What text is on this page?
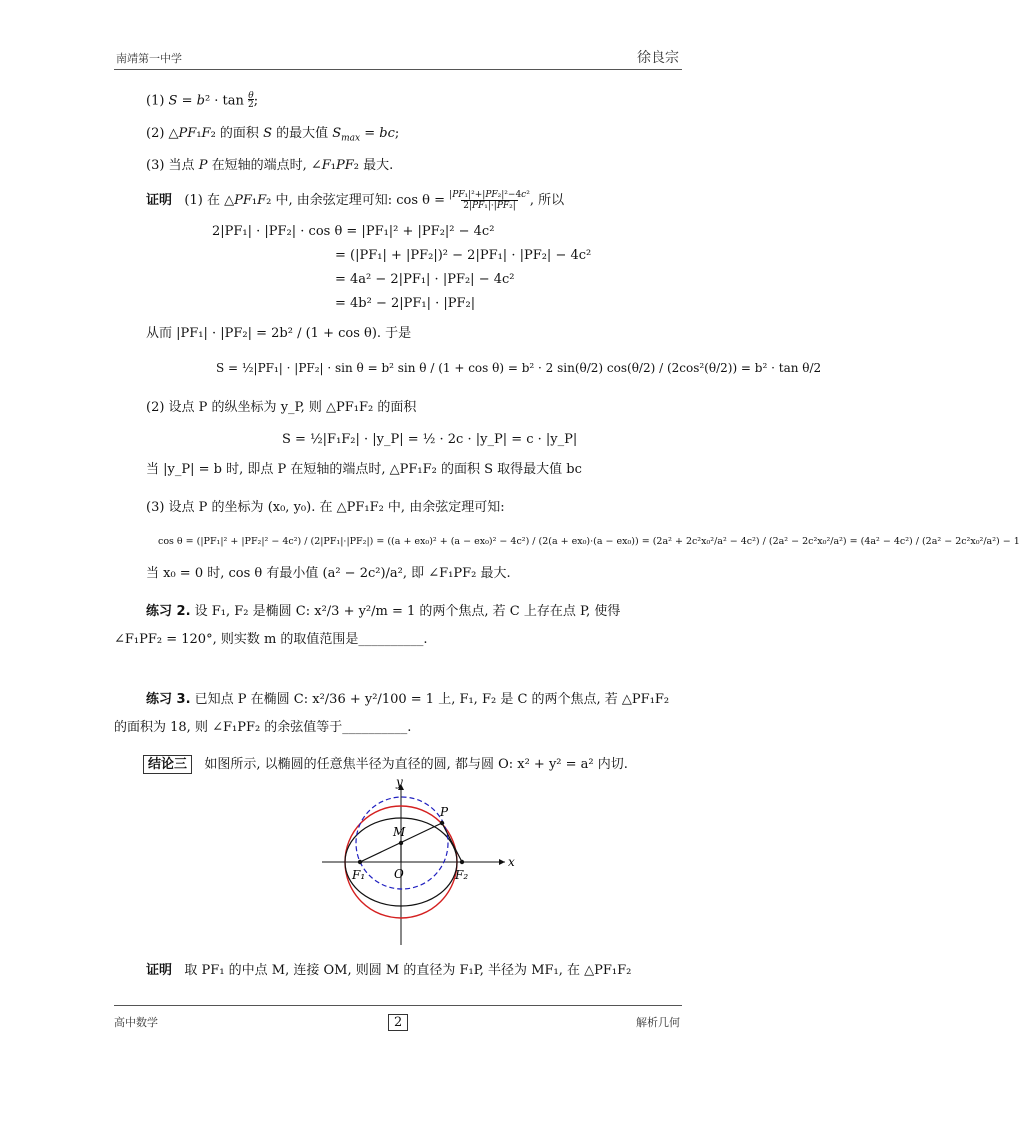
南靖第一中学	徐良宗
(1) $S = b^2 \cdot \tan \frac{\theta}{2}$;
(2) △PF₁F₂ 的面积 S 的最大值 $S_{max}$ = bc;
(3) 当点 P 在短轴的端点时, ∠F₁PF₂ 最大.
证明   (1) 在 △PF₁F₂ 中, 由余弦定理可知: cos θ = |PF₁|²+|PF₂|²−4c²
2|PF₁|·|PF₂| , 所以
2|PF₁| · |PF₂| · cos θ = |PF₁|² + |PF₂|² − 4c²
= (|PF₁| + |PF₂|)² − 2|PF₁| · |PF₂| − 4c²
= 4a² − 2|PF₁| · |PF₂| − 4c²
= 4b² − 2|PF₁| · |PF₂|
从而 |PF₁| · |PF₂| = 2b² / (1 + cos θ). 于是
S = ½|PF₁| · |PF₂| · sin θ = b² sin θ / (1 + cos θ) = b² · 2 sin(θ/2) cos(θ/2) / (2cos²(θ/2)) = b² · tan θ/2
(2) 设点 P 的纵坐标为 y_P, 则 △PF₁F₂ 的面积
S = ½|F₁F₂| · |y_P| = ½ · 2c · |y_P| = c · |y_P|
当 |y_P| = b 时, 即点 P 在短轴的端点时, △PF₁F₂ 的面积 S 取得最大值 bc
(3) 设点 P 的坐标为 (x₀, y₀). 在 △PF₁F₂ 中, 由余弦定理可知:
cos θ = (|PF₁|² + |PF₂|² − 4c²) / (2|PF₁|·|PF₂|) = ((a + ex₀)² + (a − ex₀)² − 4c²) / (2(a + ex₀)·(a − ex₀)) = (2a² + 2c²x₀²/a² − 4c²) / (2a² − 2c²x₀²/a²) = (4a² − 4c²) / (2a² − 2c²x₀²/a²) − 1
当 x₀ = 0 时, cos θ 有最小值 (a² − 2c²)/a², 即 ∠F₁PF₂ 最大.
练习 2. 设 F₁, F₂ 是椭圆 C: x²/3 + y²/m = 1 的两个焦点, 若 C 上存在点 P, 使得
∠F₁PF₂ = 120°, 则实数 m 的取值范围是__________.
练习 3. 已知点 P 在椭圆 C: x²/36 + y²/100 = 1 上, F₁, F₂ 是 C 的两个焦点, 若 △PF₁F₂
的面积为 18, 则 ∠F₁PF₂ 的余弦值等于__________.
结论三 如图所示, 以椭圆的任意焦半径为直径的圆, 都与圆 O: x² + y² = a² 内切.
y
x
P
M
F₁ O	F₂
证明 取 PF₁ 的中点 M, 连接 OM, 则圆 M 的直径为 F₁P, 半径为 MF₁, 在 △PF₁F₂
高中数学	2	解析几何
